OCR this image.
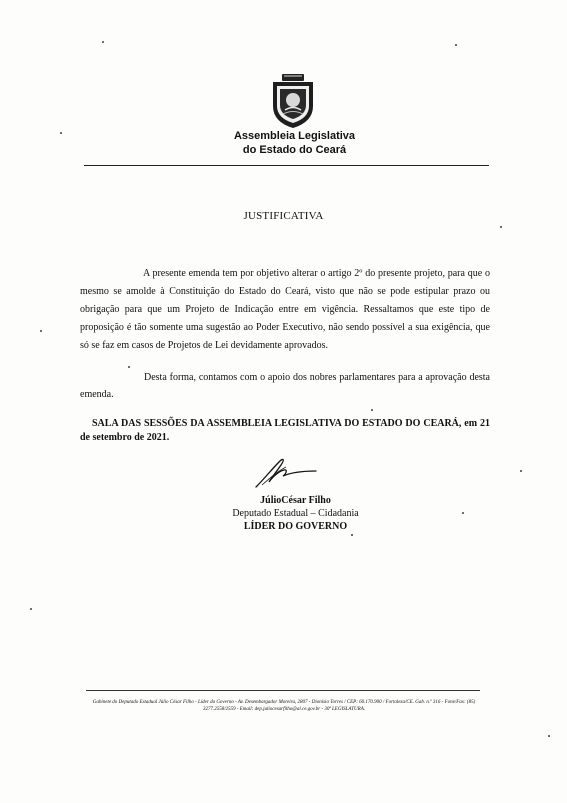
Assembleia Legislativa
do Estado do Ceará
JUSTIFICATIVA

A presente emenda tem por objetivo alterar o artigo 2º do presente projeto, para que o mesmo se amolde à Constituição do Estado do Ceará, visto que não se pode estipular prazo ou obrigação para que um Projeto de Indicação entre em vigência. Ressaltamos que este tipo de proposição é tão somente uma sugestão ao Poder Executivo, não sendo possível a sua exigência, que só se faz em casos de Projetos de Lei devidamente aprovados.

Desta forma, contamos com o apoio dos nobres parlamentares para a aprovação desta emenda.

SALA DAS SESSÕES DA ASSEMBLEIA LEGISLATIVA DO ESTADO DO CEARÁ, em 21 de setembro de 2021.

JúlioCésar Filho
Deputado Estadual – Cidadania
LÍDER DO GOVERNO
Gabinete do Deputado Estadual Júlio César Filho - Líder do Governo - Av. Desembargador Moreira, 2807 - Dionísio Torres / CEP: 60.170.900 / Fortaleza/CE. Gab. n.º 316 - Fone/Fax: (85) 3277.2558/2559 - Email: dep.juliocesarfilho@al.ce.gov.br - 30ª LEGISLATURA.
